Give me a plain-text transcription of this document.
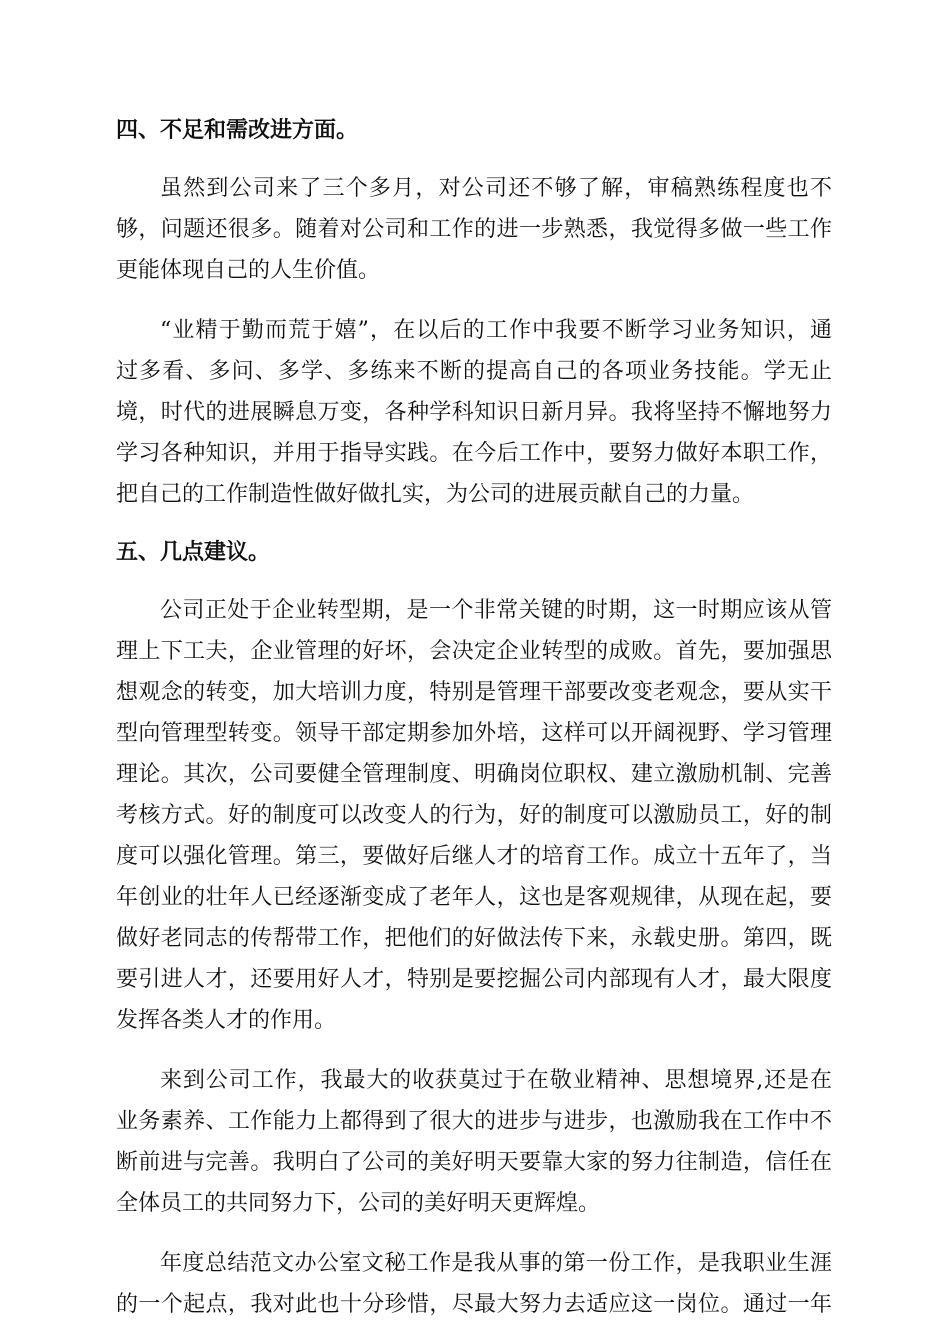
四、不足和需改进方面。
虽然到公司来了三个多月，对公司还不够了解，审稿熟练程度也不
够，问题还很多。随着对公司和工作的进一步熟悉，我觉得多做一些工作
更能体现自己的人生价值。
“业精于勤而荒于嬉”，在以后的工作中我要不断学习业务知识，通
过多看、多问、多学、多练来不断的提高自己的各项业务技能。学无止
境，时代的进展瞬息万变，各种学科知识日新月异。我将坚持不懈地努力
学习各种知识，并用于指导实践。在今后工作中，要努力做好本职工作，
把自己的工作制造性做好做扎实，为公司的进展贡献自己的力量。
五、几点建议。
公司正处于企业转型期，是一个非常关键的时期，这一时期应该从管
理上下工夫，企业管理的好坏，会决定企业转型的成败。首先，要加强思
想观念的转变，加大培训力度，特别是管理干部要改变老观念，要从实干
型向管理型转变。领导干部定期参加外培，这样可以开阔视野、学习管理
理论。其次，公司要健全管理制度、明确岗位职权、建立激励机制、完善
考核方式。好的制度可以改变人的行为，好的制度可以激励员工，好的制
度可以强化管理。第三，要做好后继人才的培育工作。成立十五年了，当
年创业的壮年人已经逐渐变成了老年人，这也是客观规律，从现在起，要
做好老同志的传帮带工作，把他们的好做法传下来，永载史册。第四，既
要引进人才，还要用好人才，特别是要挖掘公司内部现有人才，最大限度
发挥各类人才的作用。
来到公司工作，我最大的收获莫过于在敬业精神、思想境界,还是在
业务素养、工作能力上都得到了很大的进步与进步，也激励我在工作中不
断前进与完善。我明白了公司的美好明天要靠大家的努力往制造，信任在
全体员工的共同努力下，公司的美好明天更辉煌。
年度总结范文办公室文秘工作是我从事的第一份工作，是我职业生涯
的一个起点，我对此也十分珍惜，尽最大努力去适应这一岗位。通过一年
